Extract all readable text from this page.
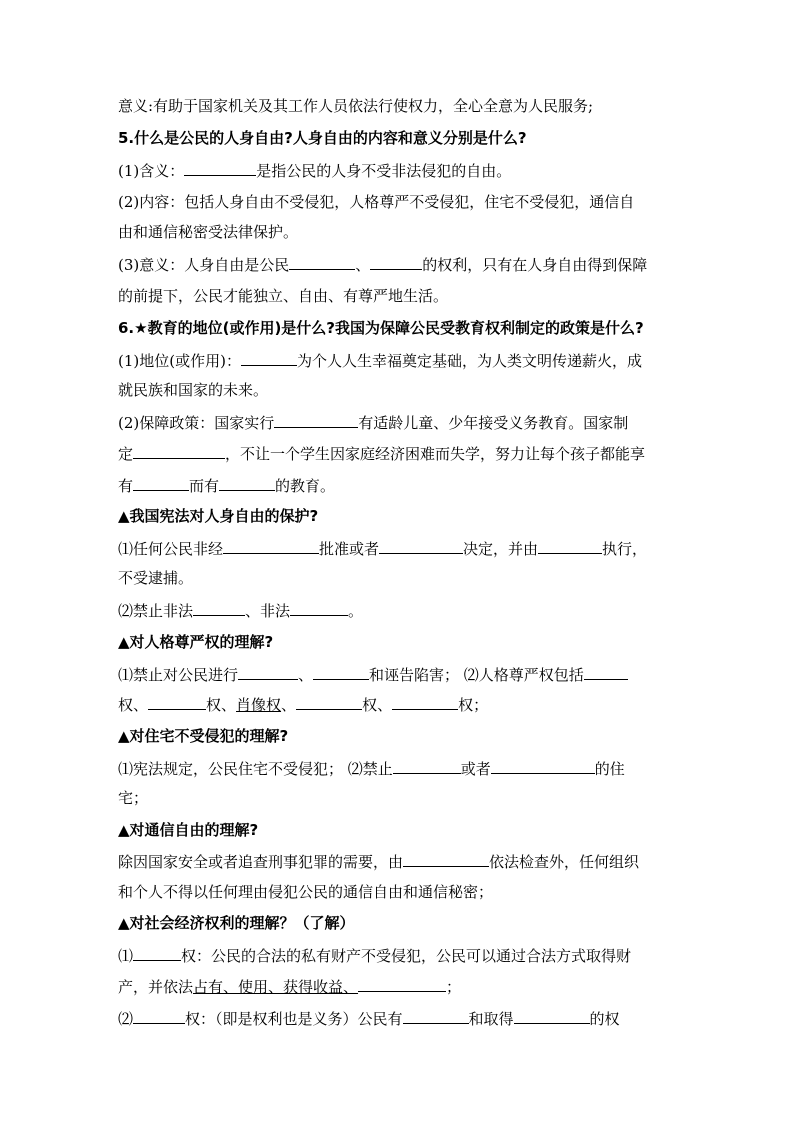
意义:有助于国家机关及其工作人员依法行使权力，全心全意为人民服务;
5.什么是公民的人身自由?人身自由的内容和意义分别是什么?
(1)含义：	是指公民的人身不受非法侵犯的自由。
(2)内容：包括人身自由不受侵犯，人格尊严不受侵犯，住宅不受侵犯，通信自
由和通信秘密受法律保护。
(3)意义：人身自由是公民	、	的权利，只有在人身自由得到保障
的前提下，公民才能独立、自由、有尊严地生活。
6.★教育的地位(或作用)是什么?我国为保障公民受教育权利制定的政策是什么?
(1)地位(或作用)：	为个人人生幸福奠定基础，为人类文明传递薪火，成
就民族和国家的未来。
(2)保障政策：国家实行	有适龄儿童、少年接受义务教育。国家制
定	，不让一个学生因家庭经济困难而失学，努力让每个孩子都能享
有	而有	的教育。
▲我国宪法对人身自由的保护?
⑴任何公民非经	批准或者	决定，并由	执行，
不受逮捕。
⑵禁止非法	、非法	。
▲对人格尊严权的理解?
⑴禁止对公民进行	、	和诬告陷害； ⑵人格尊严权包括
权、	权、肖像权、	权、	权；
▲对住宅不受侵犯的理解?
⑴宪法规定，公民住宅不受侵犯； ⑵禁止	或者	的住
宅；
▲对通信自由的理解?
除因国家安全或者追查刑事犯罪的需要，由	依法检查外，任何组织
和个人不得以任何理由侵犯公民的通信自由和通信秘密；
▲对社会经济权利的理解？（了解）
⑴	权：公民的合法的私有财产不受侵犯，公民可以通过合法方式取得财
产，并依法占有、使用、获得收益、	；
⑵	权：（即是权利也是义务）公民有	和取得	的权
